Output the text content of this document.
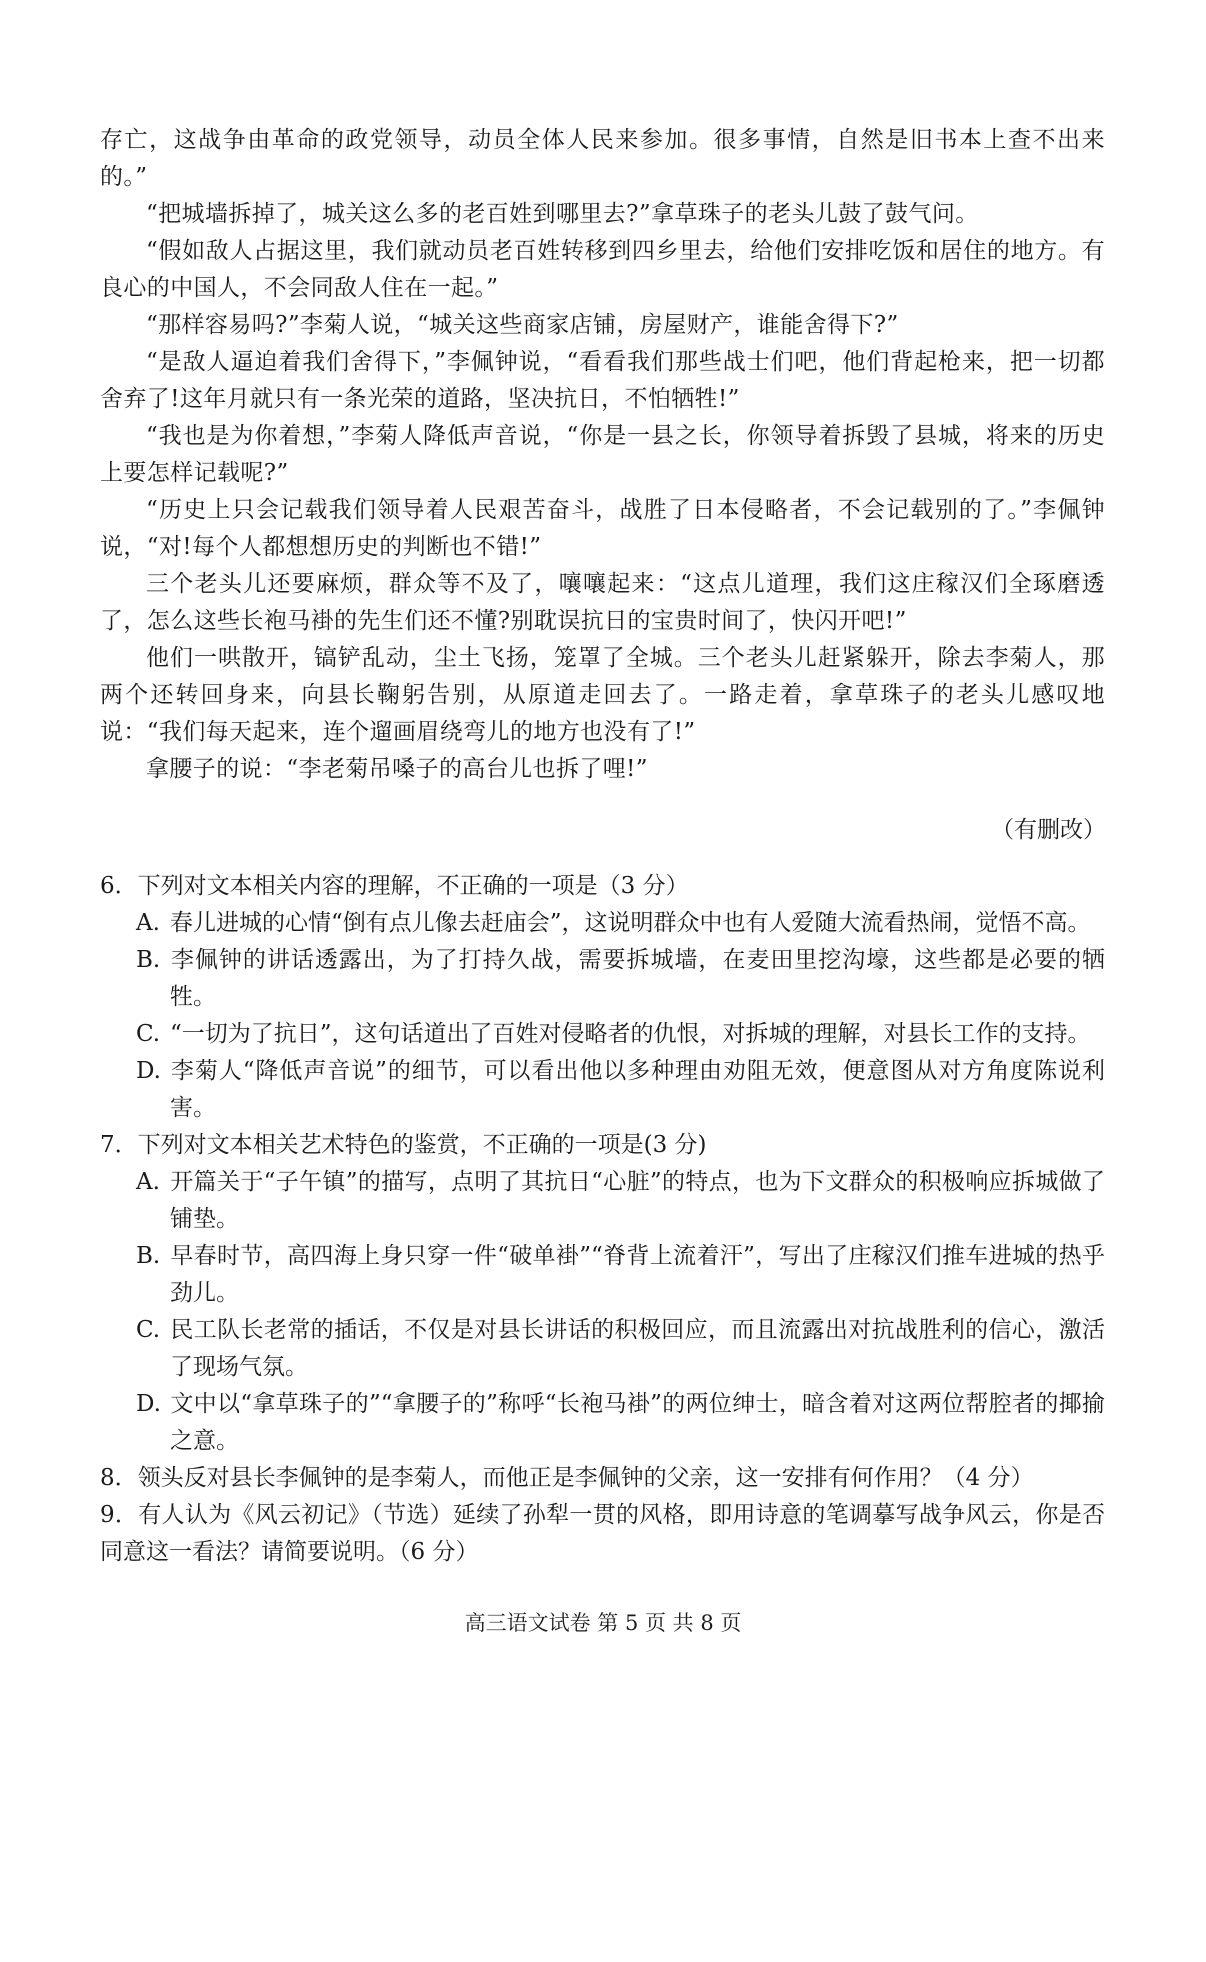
存亡，这战争由革命的政党领导，动员全体人民来参加。很多事情，自然是旧书本上查不出来的。”

“把城墙拆掉了，城关这么多的老百姓到哪里去?”拿草珠子的老头儿鼓了鼓气问。

“假如敌人占据这里，我们就动员老百姓转移到四乡里去，给他们安排吃饭和居住的地方。有良心的中国人，不会同敌人住在一起。”

“那样容易吗?”李菊人说，“城关这些商家店铺，房屋财产，谁能舍得下?”

“是敌人逼迫着我们舍得下，”李佩钟说，“看看我们那些战士们吧，他们背起枪来，把一切都舍弃了!这年月就只有一条光荣的道路，坚决抗日，不怕牺牲!”

“我也是为你着想，”李菊人降低声音说，“你是一县之长，你领导着拆毁了县城，将来的历史上要怎样记载呢?”

“历史上只会记载我们领导着人民艰苦奋斗，战胜了日本侵略者，不会记载别的了。”李佩钟说，“对!每个人都想想历史的判断也不错!”

三个老头儿还要麻烦，群众等不及了，嚷嚷起来：“这点儿道理，我们这庄稼汉们全琢磨透了，怎么这些长袍马褂的先生们还不懂?别耽误抗日的宝贵时间了，快闪开吧!”

他们一哄散开，镐铲乱动，尘土飞扬，笼罩了全城。三个老头儿赶紧躲开，除去李菊人，那两个还转回身来，向县长鞠躬告别，从原道走回去了。一路走着，拿草珠子的老头儿感叹地说：“我们每天起来，连个遛画眉绕弯儿的地方也没有了!”

拿腰子的说：“李老菊吊嗓子的高台儿也拆了哩!”

（有删改）

6．下列对文本相关内容的理解，不正确的一项是（3 分）

A. 春儿进城的心情“倒有点儿像去赶庙会”，这说明群众中也有人爱随大流看热闹，觉悟不高。

B. 李佩钟的讲话透露出，为了打持久战，需要拆城墙，在麦田里挖沟壕，这些都是必要的牺牲。

C. “一切为了抗日”，这句话道出了百姓对侵略者的仇恨，对拆城的理解，对县长工作的支持。

D. 李菊人“降低声音说”的细节，可以看出他以多种理由劝阻无效，便意图从对方角度陈说利害。

7．下列对文本相关艺术特色的鉴赏，不正确的一项是(3 分)

A. 开篇关于“子午镇”的描写，点明了其抗日“心脏”的特点，也为下文群众的积极响应拆城做了铺垫。

B. 早春时节，高四海上身只穿一件“破单褂”“脊背上流着汗”，写出了庄稼汉们推车进城的热乎劲儿。

C. 民工队长老常的插话，不仅是对县长讲话的积极回应，而且流露出对抗战胜利的信心，激活了现场气氛。

D. 文中以“拿草珠子的”“拿腰子的”称呼“长袍马褂”的两位绅士，暗含着对这两位帮腔者的揶揄之意。

8．领头反对县长李佩钟的是李菊人，而他正是李佩钟的父亲，这一安排有何作用？（4 分）

9．有人认为《风云初记》（节选）延续了孙犁一贯的风格，即用诗意的笔调摹写战争风云，你是否同意这一看法？请简要说明。（6 分）

高三语文试卷 第 5 页 共 8 页
